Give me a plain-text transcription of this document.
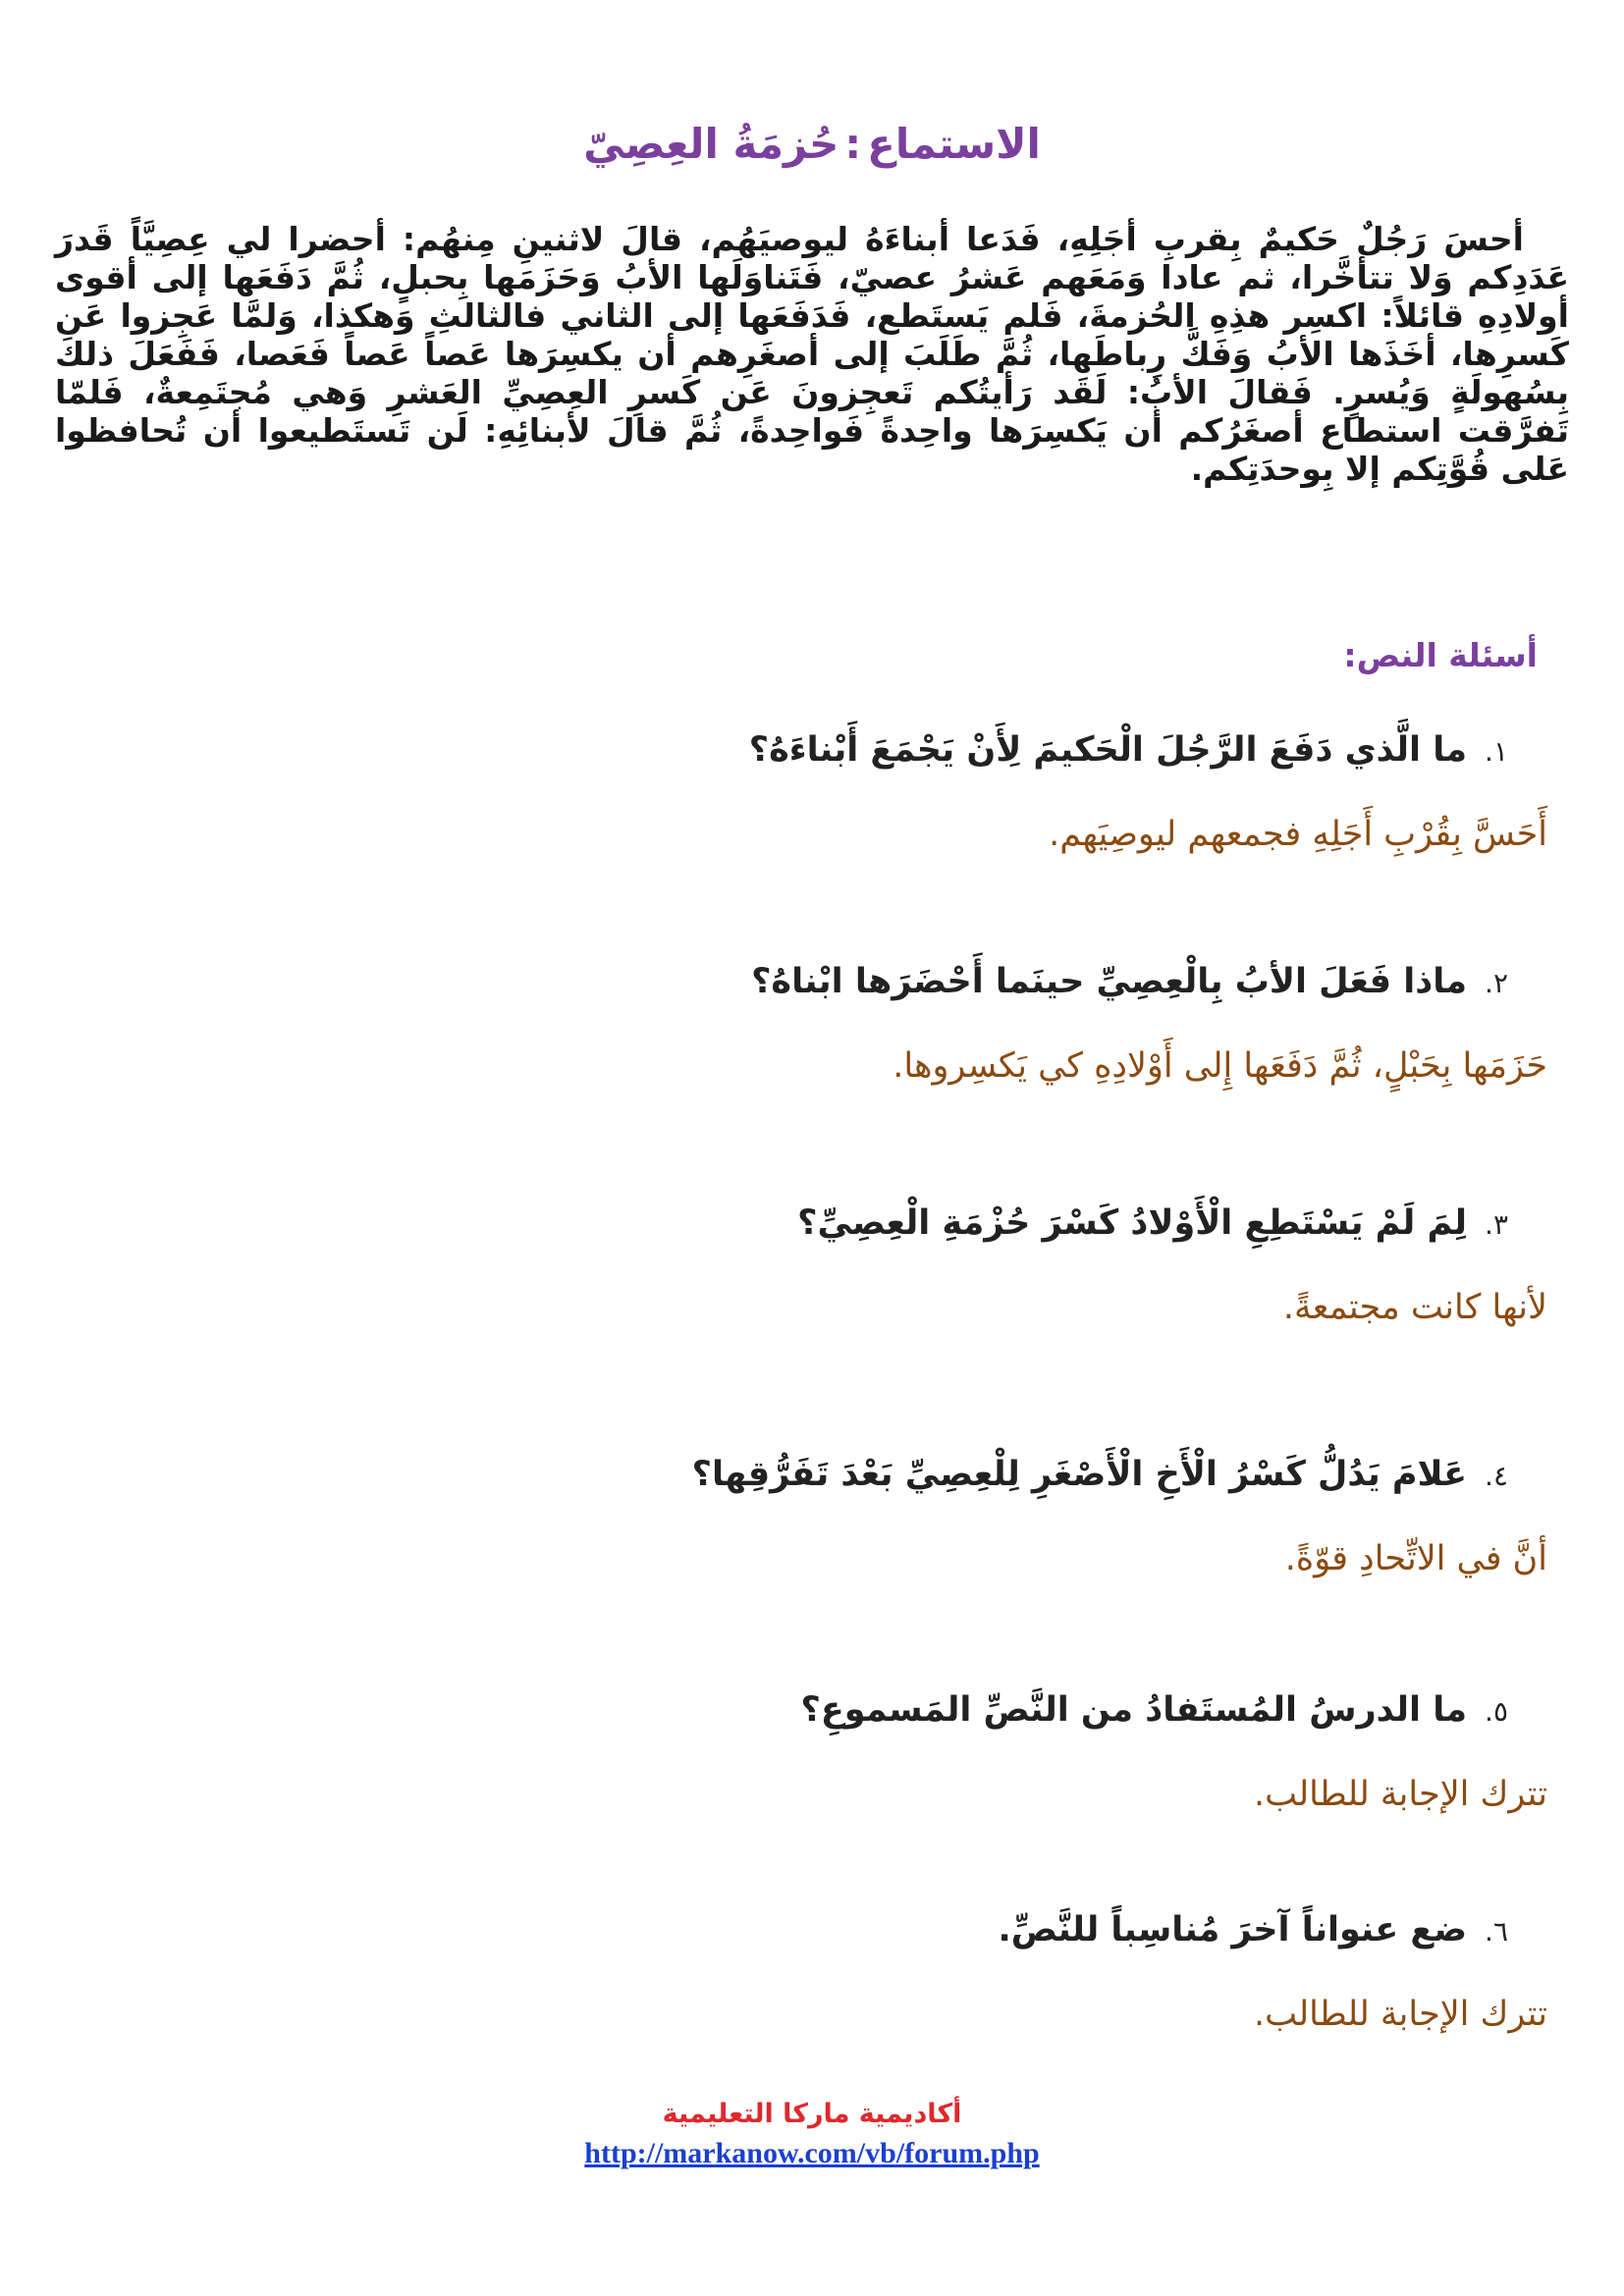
الاستماع:حُزمَةُ العِصِيّ

أحسَ رَجُلٌ حَكيمٌ بِقربِ أجَلِهِ، فَدَعا أبناءَهُ ليوصيَهُم، قالَ لاثنينِ مِنهُم: أحضرا لي عِصِيَّاً قَدرَ عَدَدِكم وَلا تتأخَّرا، ثم عادا وَمَعَهم عَشرُ عصيّ، فَتَناوَلَها الأبُ وَحَزَمَها بِحبلٍ، ثُمَّ دَفَعَها إلى أقوى أولادِهِ قائلاً: اكسِر هذِهِ الحُزمةَ، فَلم يَستَطع، فَدَفَعَها إلى الثاني فالثالثِ وَهكذا، وَلمَّا عَجِزوا عَن كَسرِها، أخَذَها الأبُ وَفَكَّ رِباطَها، ثُمَّ طَلَبَ إلى أصغَرِهم أن يكسِرَها عَصاً عَصاً فَعَصا، فَفَعَلَ ذلكَ بِسُهولَةٍ وَيُسرٍ. فَقالَ الأبُ: لَقَد رَأيتُكم تَعجِزونَ عَن كَسرِ العِصِيِّ العَشرِ وَهي مُجتَمِعةٌ، فَلمّا تَفرَّقت استطاع أصغَرُكم أن يَكسِرَها واحِدةً فَواحِدةً، ثُمَّ قالَ لأبنائِهِ: لَن تَستَطيعوا أن تُحافظوا عَلى قُوَّتِكم إلا بِوحدَتِكم.

أسئلة النص:
١.ما الَّذي دَفَعَ الرَّجُلَ الْحَكيمَ لِأَنْ يَجْمَعَ أَبْناءَهُ؟
أَحَسَّ بِقُرْبِ أَجَلِهِ فجمعهم ليوصِيَهم.
٢.ماذا فَعَلَ الأبُ بِالْعِصِيِّ حينَما أَحْضَرَها ابْناهُ؟
حَزَمَها بِحَبْلٍ، ثُمَّ دَفَعَها إِلى أَوْلادِهِ كي يَكسِروها.
٣.لِمَ لَمْ يَسْتَطِعِ الْأَوْلادُ كَسْرَ حُزْمَةِ الْعِصِيِّ؟
لأنها كانت مجتمعةً.
٤.عَلامَ يَدُلُّ كَسْرُ الْأَخِ الْأَصْغَرِ لِلْعِصِيِّ بَعْدَ تَفَرُّقِها؟
أنَّ في الاتِّحادِ قوّةً.
٥.ما الدرسُ المُستَفادُ من النَّصِّ المَسموعِ؟
تترك الإجابة للطالب.
٦.ضع عنواناً آخرَ مُناسِباً للنَّصِّ.
تترك الإجابة للطالب.
أكاديمية ماركا التعليمية
http://markanow.com/vb/forum.php
